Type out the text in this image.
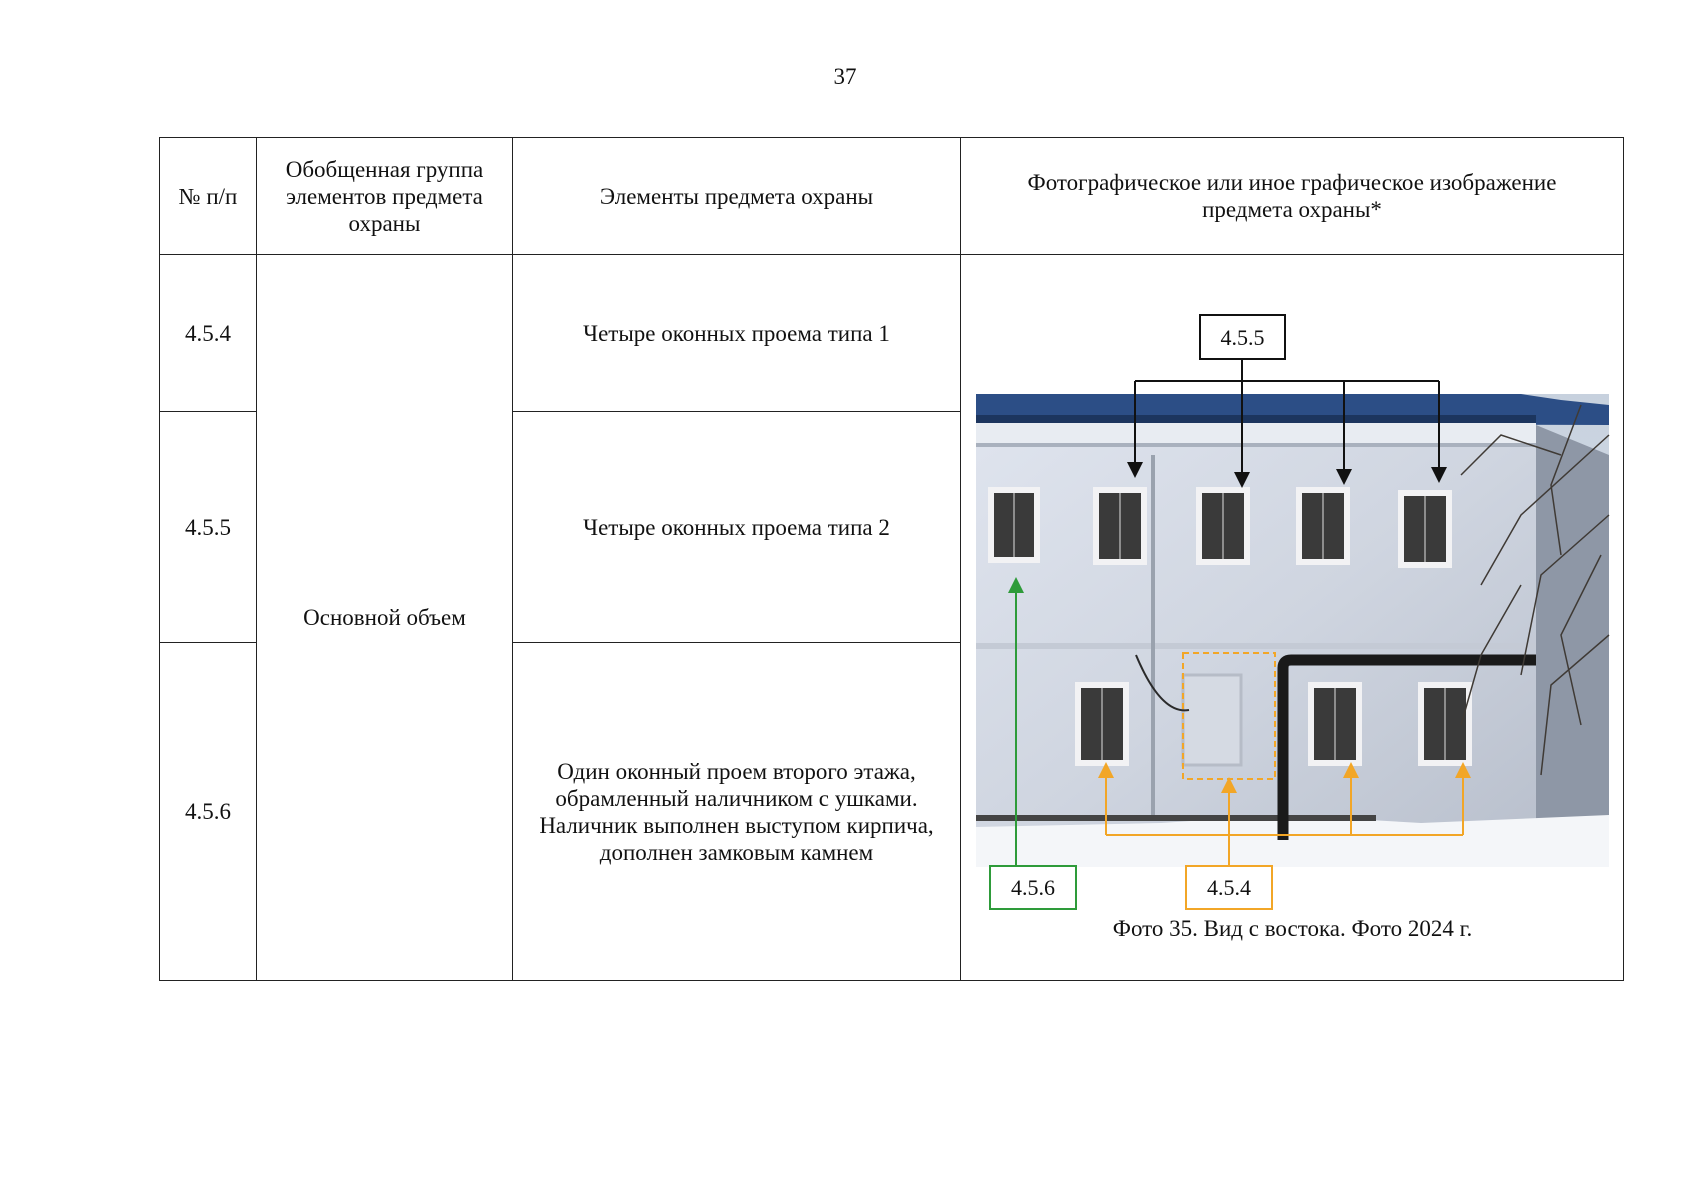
37
№ п/п	Обобщенная группа элементов предмета охраны	Элементы предмета охраны	Фотографическое или иное графическое изображение предмета охраны*
4.5.4	Основной объем	Четыре оконных проема типа 1	4.5.5
4.5.6 4.5.4
Фото 35. Вид с востока. Фото 2024 г.

4.5.5		Четыре оконных проема типа 2	
4.5.6		Один оконный проем второго этажа, обрамленный наличником с ушками. Наличник выполнен выступом кирпича, дополнен замковым камнем	
